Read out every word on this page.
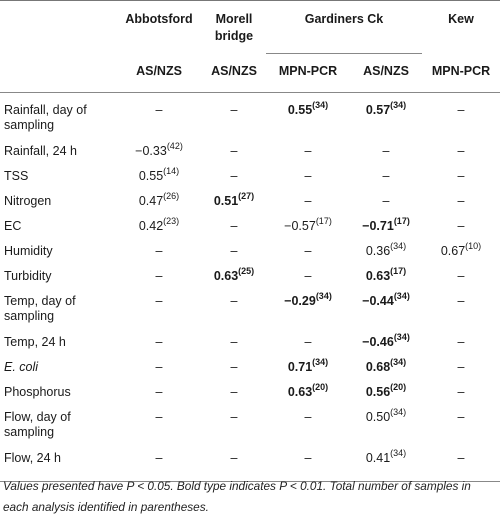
	Abbotsford	Morell bridge	Gardiners Ck		Kew
	AS/NZS	AS/NZS	MPN-PCR	AS/NZS	MPN-PCR
Rainfall, day of sampling	–	–	0.55$^{(34)}$	0.57$^{(34)}$	–
Rainfall, 24 h	$-0.33^{(42)}$	–	–	–	–
TSS	0.55$^{(14)}$	–	–	–	–
Nitrogen	0.47$^{(26)}$	0.51$^{(27)}$	–	–	–
EC	0.42$^{(23)}$	–	$-0.57^{(17)}$	$-0.71^{(17)}$	–
Humidity	–	–	–	0.36$^{(34)}$	0.67$^{(10)}$
Turbidity	–	0.63$^{(25)}$	–	0.63$^{(17)}$	–
Temp, day of sampling	–	–	$-0.29^{(34)}$	$-0.44^{(34)}$	–
Temp, 24 h	–	–	–	$-0.46^{(34)}$	–
E. coli	–	–	0.71$^{(34)}$	0.68$^{(34)}$	–
Phosphorus	–	–	0.63$^{(20)}$	0.56$^{(20)}$	–
Flow, day of sampling	–	–	–	0.50$^{(34)}$	–
Flow, 24 h	–	–	–	0.41$^{(34)}$	–
Values presented have P < 0.05. Bold type indicates P < 0.01. Total number of samples in each analysis identified in parentheses.
